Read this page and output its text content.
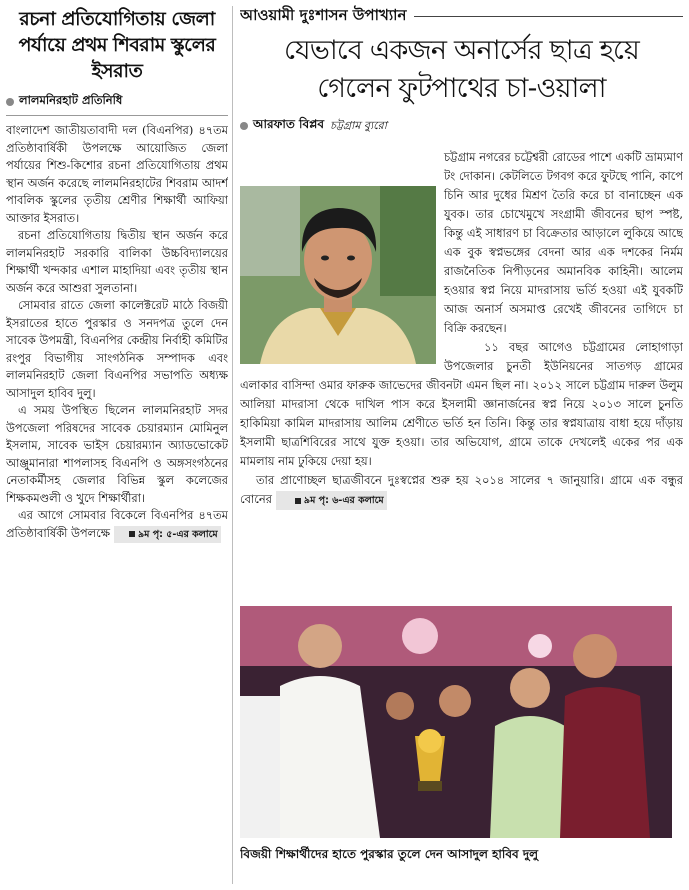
রচনা প্রতিযোগিতায় জেলা পর্যায়ে প্রথম শিবরাম স্কুলের ইসরাত
লালমনিরহাট প্রতিনিধি

বাংলাদেশ জাতীয়তাবাদী দল (বিএনপির) ৪৭তম প্রতিষ্ঠাবার্ষিকী উপলক্ষে আয়োজিত জেলা পর্যায়ের শিশু-কিশোর রচনা প্রতিযোগিতায় প্রথম স্থান অর্জন করেছে লালমনিরহাটের শিবরাম আদর্শ পাবলিক স্কুলের তৃতীয় শ্রেণীর শিক্ষার্থী আফিয়া আক্তার ইসরাত।

রচনা প্রতিযোগিতায় দ্বিতীয় স্থান অর্জন করে লালমনিরহাট সরকারি বালিকা উচ্চবিদ্যালয়ের শিক্ষার্থী খন্দকার এশাল মাহাদিয়া এবং তৃতীয় স্থান অর্জন করে আশুরা সুলতানা।

সোমবার রাতে জেলা কালেক্টরেট মাঠে বিজয়ী ইসরাতের হাতে পুরস্কার ও সনদপত্র তুলে দেন সাবেক উপমন্ত্রী, বিএনপির কেন্দ্রীয় নির্বাহী কমিটির রংপুর বিভাগীয় সাংগঠনিক সম্পাদক এবং লালমনিরহাট জেলা বিএনপির সভাপতি অধ্যক্ষ আসাদুল হাবিব দুলু।

এ সময় উপস্থিত ছিলেন লালমনিরহাট সদর উপজেলা পরিষদের সাবেক চেয়ারম্যান মোমিনুল ইসলাম, সাবেক ভাইস চেয়ারম্যান অ্যাডভোকেট আঞ্জুমানারা শাপলাসহ বিএনপি ও অঙ্গসংগঠনের নেতাকর্মীসহ জেলার বিভিন্ন স্কুল কলেজের শিক্ষকমণ্ডলী ও খুদে শিক্ষার্থীরা।

এর আগে সোমবার বিকেলে বিএনপির ৪৭তম প্রতিষ্ঠাবার্ষিকী উপলক্ষে	৯ম পৃ: ৫-এর কলামে

আওয়ামী দুঃশাসন উপাখ্যান
যেভাবে একজন অনার্সের ছাত্র হয়ে
গেলেন ফুটপাথের চা-ওয়ালা
আরফাত বিপ্লব চট্টগ্রাম ব্যুরো

চট্টগ্রাম নগরের চট্টেশ্বরী রোডের পাশে একটি ভ্রাম্যমাণ টং দোকান। কেটলিতে টগবগ করে ফুটছে পানি, কাপে চিনি আর দুধের মিশ্রণ তৈরি করে চা বানাচ্ছেন এক যুবক। তার চোখেমুখে সংগ্রামী জীবনের ছাপ স্পষ্ট, কিন্তু এই সাধারণ চা বিক্রেতার আড়ালে লুকিয়ে আছে এক বুক স্বপ্নভঙ্গের বেদনা আর এক দশকের নির্মম রাজনৈতিক নিপীড়নের অমানবিক কাহিনী। আলেম হওয়ার স্বপ্ন নিয়ে মাদরাসায় ভর্তি হওয়া এই যুবকটি আজ অনার্স অসমাপ্ত রেখেই জীবনের তাগিদে চা বিক্রি করছেন।

১১ বছর আগেও চট্টগ্রামের লোহাগাড়া উপজেলার চুনতী ইউনিয়নের সাতগড় গ্রামের এলাকার বাসিন্দা ওমার ফারুক জাভেদের জীবনটা এমন ছিল না। ২০১২ সালে চট্টগ্রাম দারুল উলুম আলিয়া মাদরাসা থেকে দাখিল পাস করে ইসলামী জ্ঞানার্জনের স্বপ্ন নিয়ে ২০১৩ সালে চুনতি হাকিমিয়া কামিল মাদরাসায় আলিম শ্রেণীতে ভর্তি হন তিনি। কিন্তু তার স্বপ্নযাত্রায় বাধা হয়ে দাঁড়ায় ইসলামী ছাত্রশিবিরের সাথে যুক্ত হওয়া। তার অভিযোগ, গ্রামে তাকে দেখলেই একের পর এক মামলায় নাম ঢুকিয়ে দেয়া হয়।

তার প্রাণোচ্ছল ছাত্রজীবনে দুঃস্বপ্নের শুরু হয় ২০১৪ সালের ৭ জানুয়ারি। গ্রামে এক বন্ধুর বোনের	৯ম পৃ: ৬-এর কলামে

বিজয়ী শিক্ষার্থীদের হাতে পুরস্কার তুলে দেন আসাদুল হাবিব দুলু
